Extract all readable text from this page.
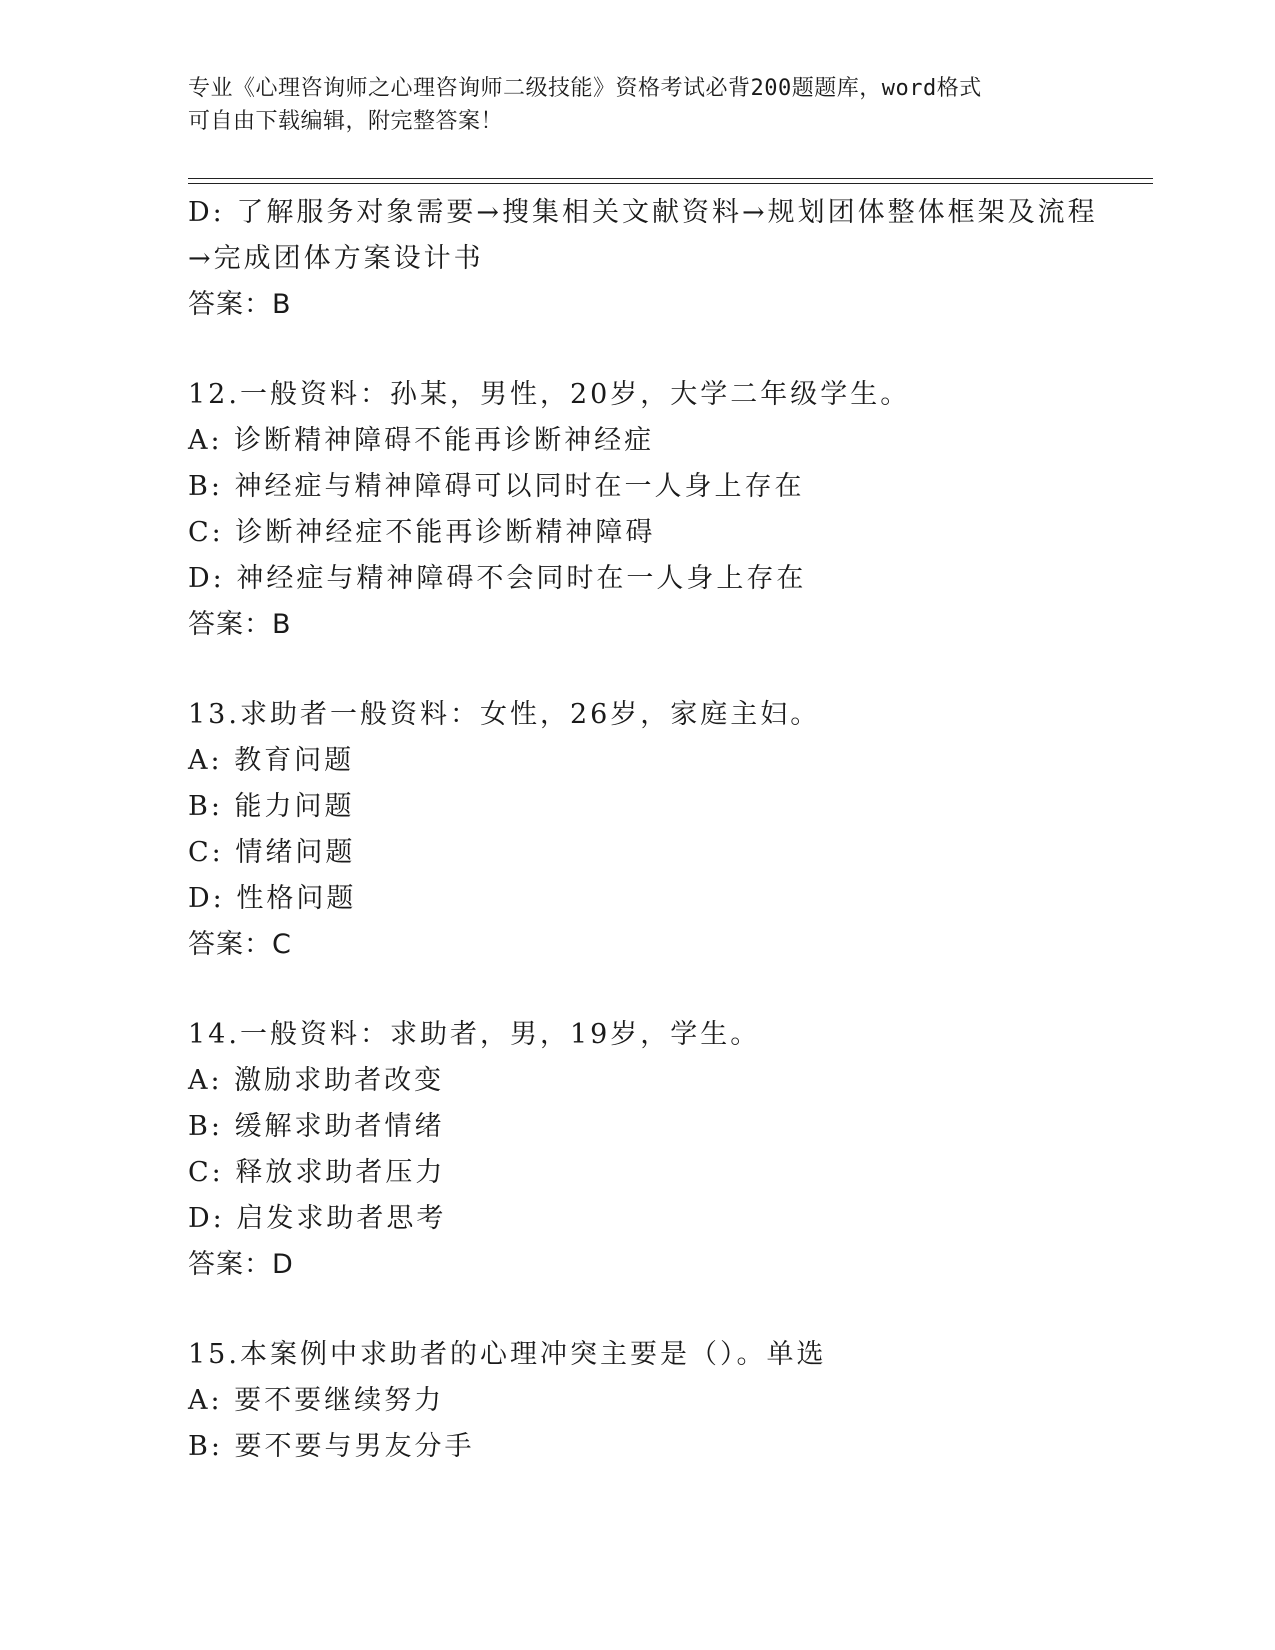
专业《心理咨询师之心理咨询师二级技能》资格考试必背200题题库，word格式
可自由下载编辑，附完整答案！
D: 了解服务对象需要→搜集相关文献资料→规划团体整体框架及流程
→完成团体方案设计书
答案：B
12.一般资料：孙某，男性，20岁，大学二年级学生。
A: 诊断精神障碍不能再诊断神经症
B: 神经症与精神障碍可以同时在一人身上存在
C: 诊断神经症不能再诊断精神障碍
D: 神经症与精神障碍不会同时在一人身上存在
答案：B
13.求助者一般资料：女性，26岁，家庭主妇。
A: 教育问题
B: 能力问题
C: 情绪问题
D: 性格问题
答案：C
14.一般资料：求助者，男，19岁，学生。
A: 激励求助者改变
B: 缓解求助者情绪
C: 释放求助者压力
D: 启发求助者思考
答案：D
15.本案例中求助者的心理冲突主要是（）。单选
A: 要不要继续努力
B: 要不要与男友分手
